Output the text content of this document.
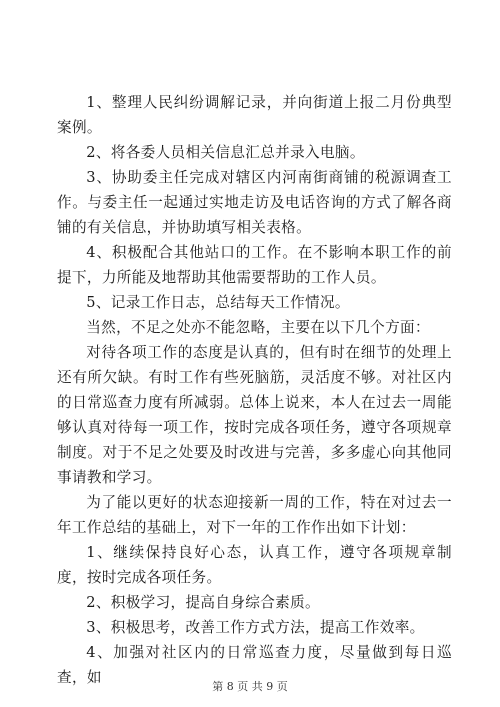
1、整理人民纠纷调解记录，并向街道上报二月份典型案例。

2、将各委人员相关信息汇总并录入电脑。

3、协助委主任完成对辖区内河南街商铺的税源调查工作。与委主任一起通过实地走访及电话咨询的方式了解各商铺的有关信息，并协助填写相关表格。

4、积极配合其他站口的工作。在不影响本职工作的前提下，力所能及地帮助其他需要帮助的工作人员。

5、记录工作日志，总结每天工作情况。

当然，不足之处亦不能忽略，主要在以下几个方面：

对待各项工作的态度是认真的，但有时在细节的处理上还有所欠缺。有时工作有些死脑筋，灵活度不够。对社区内的日常巡查力度有所减弱。总体上说来，本人在过去一周能够认真对待每一项工作，按时完成各项任务，遵守各项规章制度。对于不足之处要及时改进与完善，多多虚心向其他同事请教和学习。

为了能以更好的状态迎接新一周的工作，特在对过去一年工作总结的基础上，对下一年的工作作出如下计划：

1、继续保持良好心态，认真工作，遵守各项规章制度，按时完成各项任务。

2、积极学习，提高自身综合素质。

3、积极思考，改善工作方式方法，提高工作效率。

4、加强对社区内的日常巡查力度，尽量做到每日巡查，如

第 8 页 共 9 页
